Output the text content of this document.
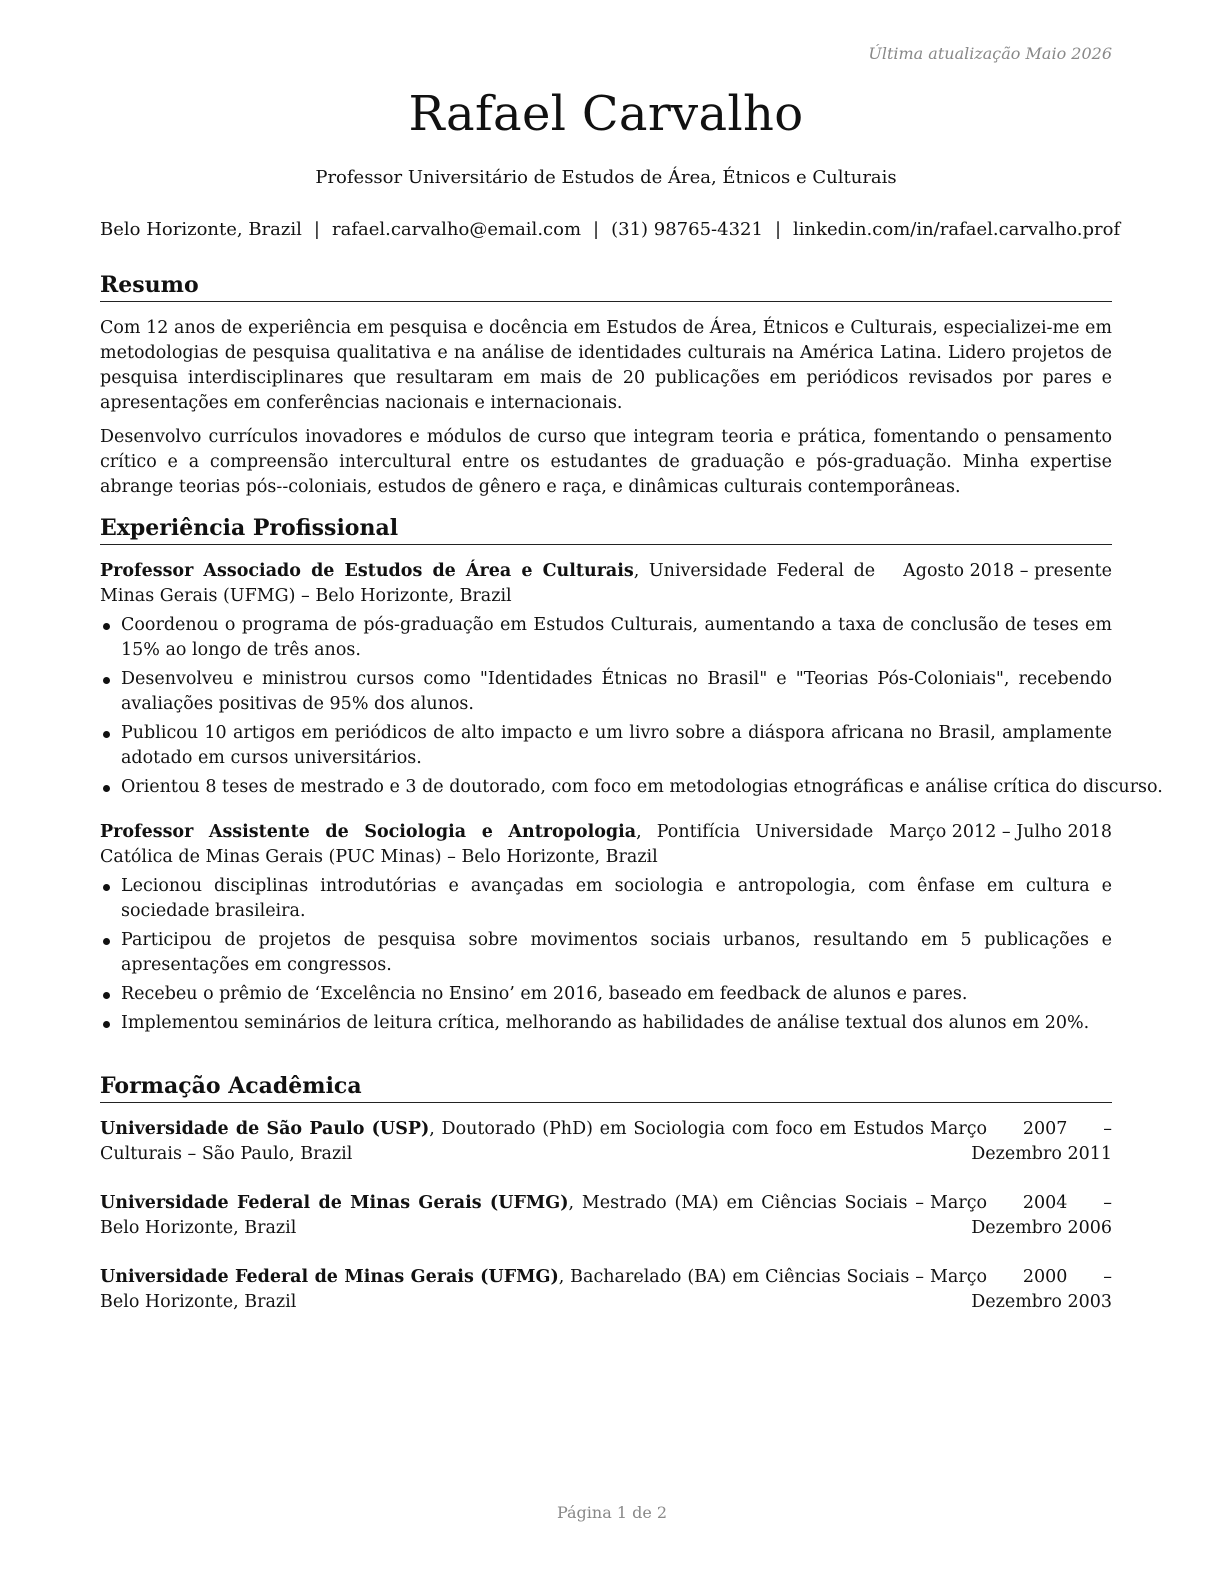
Última atualização Maio 2026
Rafael Carvalho
Professor Universitário de Estudos de Área, Étnicos e Culturais
Belo Horizonte, Brazil | rafael.carvalho@email.com | (31) 98765-4321 | linkedin.com/in/rafael.carvalho.prof
Resumo

Com 12 anos de experiência em pesquisa e docência em Estudos de Área, Étnicos e Culturais, especializei-me em metodologias de pesquisa qualitativa e na análise de identidades culturais na América Latina. Lidero projetos de pesquisa interdisciplinares que resultaram em mais de 20 publicações em periódicos revisados por pares e apresentações em conferências nacionais e internacionais.

Desenvolvo currículos inovadores e módulos de curso que integram teoria e prática, fomentando o pensamento crítico e a compreensão intercultural entre os estudantes de graduação e pós-graduação. Minha expertise abrange teorias pós--coloniais, estudos de gênero e raça, e dinâmicas culturais contemporâneas.

Experiência Profissional
Professor Associado de Estudos de Área e Culturais, Universidade Federal de Minas Gerais (UFMG) – Belo Horizonte, Brazil
Agosto 2018 – presente
Coordenou o programa de pós-graduação em Estudos Culturais, aumentando a taxa de conclusão de teses em 15% ao longo de três anos.
Desenvolveu e ministrou cursos como "Identidades Étnicas no Brasil" e "Teorias Pós-Coloniais", recebendo avaliações positivas de 95% dos alunos.
Publicou 10 artigos em periódicos de alto impacto e um livro sobre a diáspora africana no Brasil, amplamente adotado em cursos universitários.
Orientou 8 teses de mestrado e 3 de doutorado, com foco em metodologias etnográficas e análise crítica do discurso.
Professor Assistente de Sociologia e Antropologia, Pontifícia Universidade Católica de Minas Gerais (PUC Minas) – Belo Horizonte, Brazil
Março 2012 – Julho 2018
Lecionou disciplinas introdutórias e avançadas em sociologia e antropologia, com ênfase em cultura e sociedade brasileira.
Participou de projetos de pesquisa sobre movimentos sociais urbanos, resultando em 5 publicações e apresentações em congressos.
Recebeu o prêmio de ‘Excelência no Ensino’ em 2016, baseado em feedback de alunos e pares.
Implementou seminários de leitura crítica, melhorando as habilidades de análise textual dos alunos em 20%.
Formação Acadêmica
Universidade de São Paulo (USP), Doutorado (PhD) em Sociologia com foco em Estudos Culturais – São Paulo, Brazil
Março 2007 – Dezembro 2011
Universidade Federal de Minas Gerais (UFMG), Mestrado (MA) em Ciências Sociais – Belo Horizonte, Brazil
Março 2004 – Dezembro 2006
Universidade Federal de Minas Gerais (UFMG), Bacharelado (BA) em Ciências Sociais – Belo Horizonte, Brazil
Março 2000 – Dezembro 2003
Página 1 de 2
